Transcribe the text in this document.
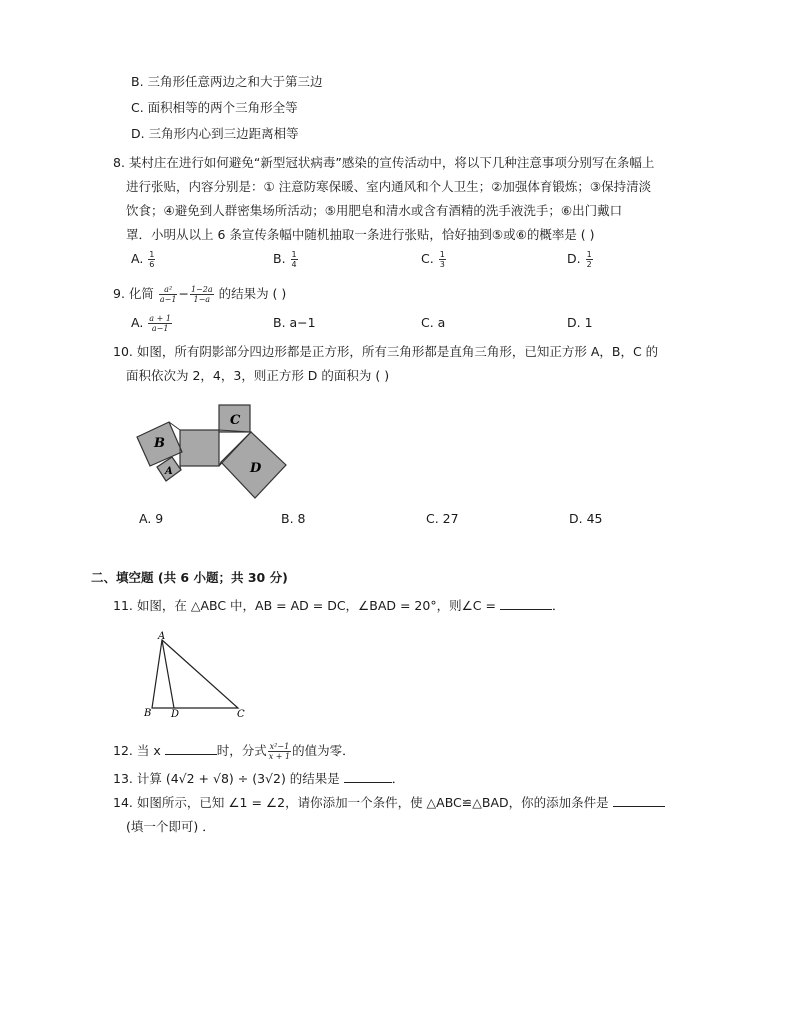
B. 三角形任意两边之和大于第三边
C. 面积相等的两个三角形全等
D. 三角形内心到三边距离相等
8. 某村庄在进行如何避免“新型冠状病毒”感染的宣传活动中，将以下几种注意事项分别写在条幅上
进行张贴，内容分别是：① 注意防寒保暖、室内通风和个人卫生；②加强体育锻炼；③保持清淡
饮食；④避免到人群密集场所活动；⑤用肥皂和清水或含有酒精的洗手液洗手；⑥出门戴口
罩．小明从以上 6 条宣传条幅中随机抽取一条进行张贴，恰好抽到⑤或⑥的概率是 ( )
A. $\frac{1}{6}$	B. $\frac{1}{4}$	C. $\frac{1}{3}$	D. $\frac{1}{2}$
9. 化简 $\frac{\text{a²}}{a-1} - \frac{1-2a}{1-a}$ 的结果为 ( )
A. $\frac{a + 1}{a-1}$	B. a−1	C. a	D. 1
10. 如图，所有阴影部分四边形都是正方形，所有三角形都是直角三角形，已知正方形 A，B，C 的
面积依次为 2，4，3，则正方形 D 的面积为 ( )
B
A
C
D
A. 9	B. 8	C. 27	D. 45
二、填空题 (共 6 小题；共 30 分)
11. 如图，在 △ABC 中，AB = AD = DC，∠BAD = 20°，则∠C =	．
A
B D	C
12. 当 x	时，分式 $\frac{\text{x²−1}}{x + 1}$ 的值为零．
13. 计算 (4√2 + √8) ÷ (3√2) 的结果是	．
14. 如图所示，已知 ∠1 = ∠2，请你添加一个条件，使 △ABC≌△BAD，你的添加条件是
(填一个即可) ．
